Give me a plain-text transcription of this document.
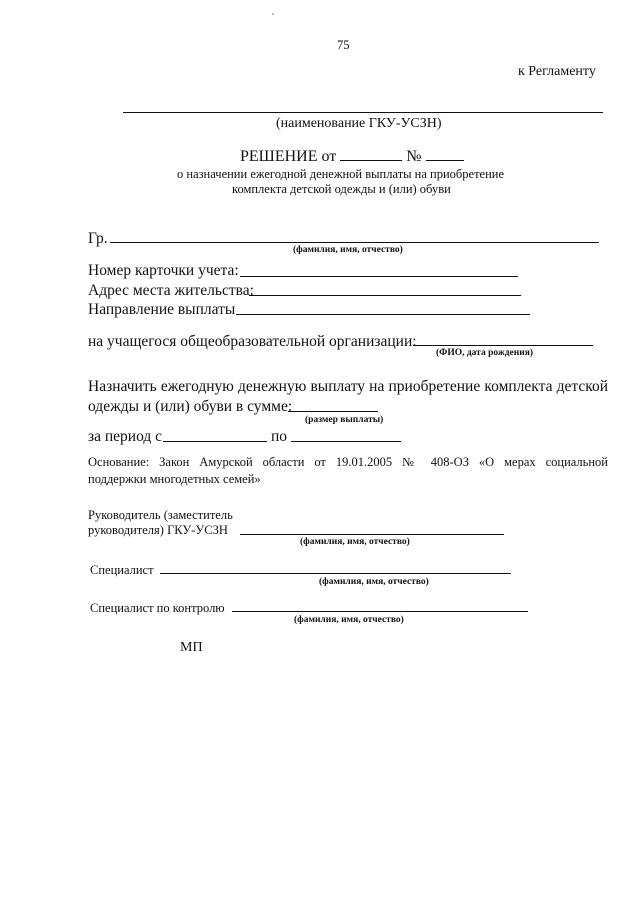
75
к Регламенту
(наименование ГКУ-УСЗН)
РЕШЕНИЕ от	№
о назначении ежегодной денежной выплаты на приобретение
комплекта детской одежды и (или) обуви
Гр.
(фамилия, имя, отчество)
Номер карточки учета:
Адрес места жительства:
Направление выплаты
на учащегося общеобразовательной организации:
(ФИО, дата рождения)
Назначить ежегодную денежную выплату на приобретение комплекта детской
одежды и (или) обуви в сумме:
(размер выплаты)
за период с	по
Основание: Закон Амурской области от 19.01.2005 № 408-ОЗ «О мерах социальной
поддержки многодетных семей»
Руководитель (заместитель
руководителя) ГКУ-УСЗН
(фамилия, имя, отчество)
Специалист
(фамилия, имя, отчество)
Специалист по контролю
(фамилия, имя, отчество)
МП
